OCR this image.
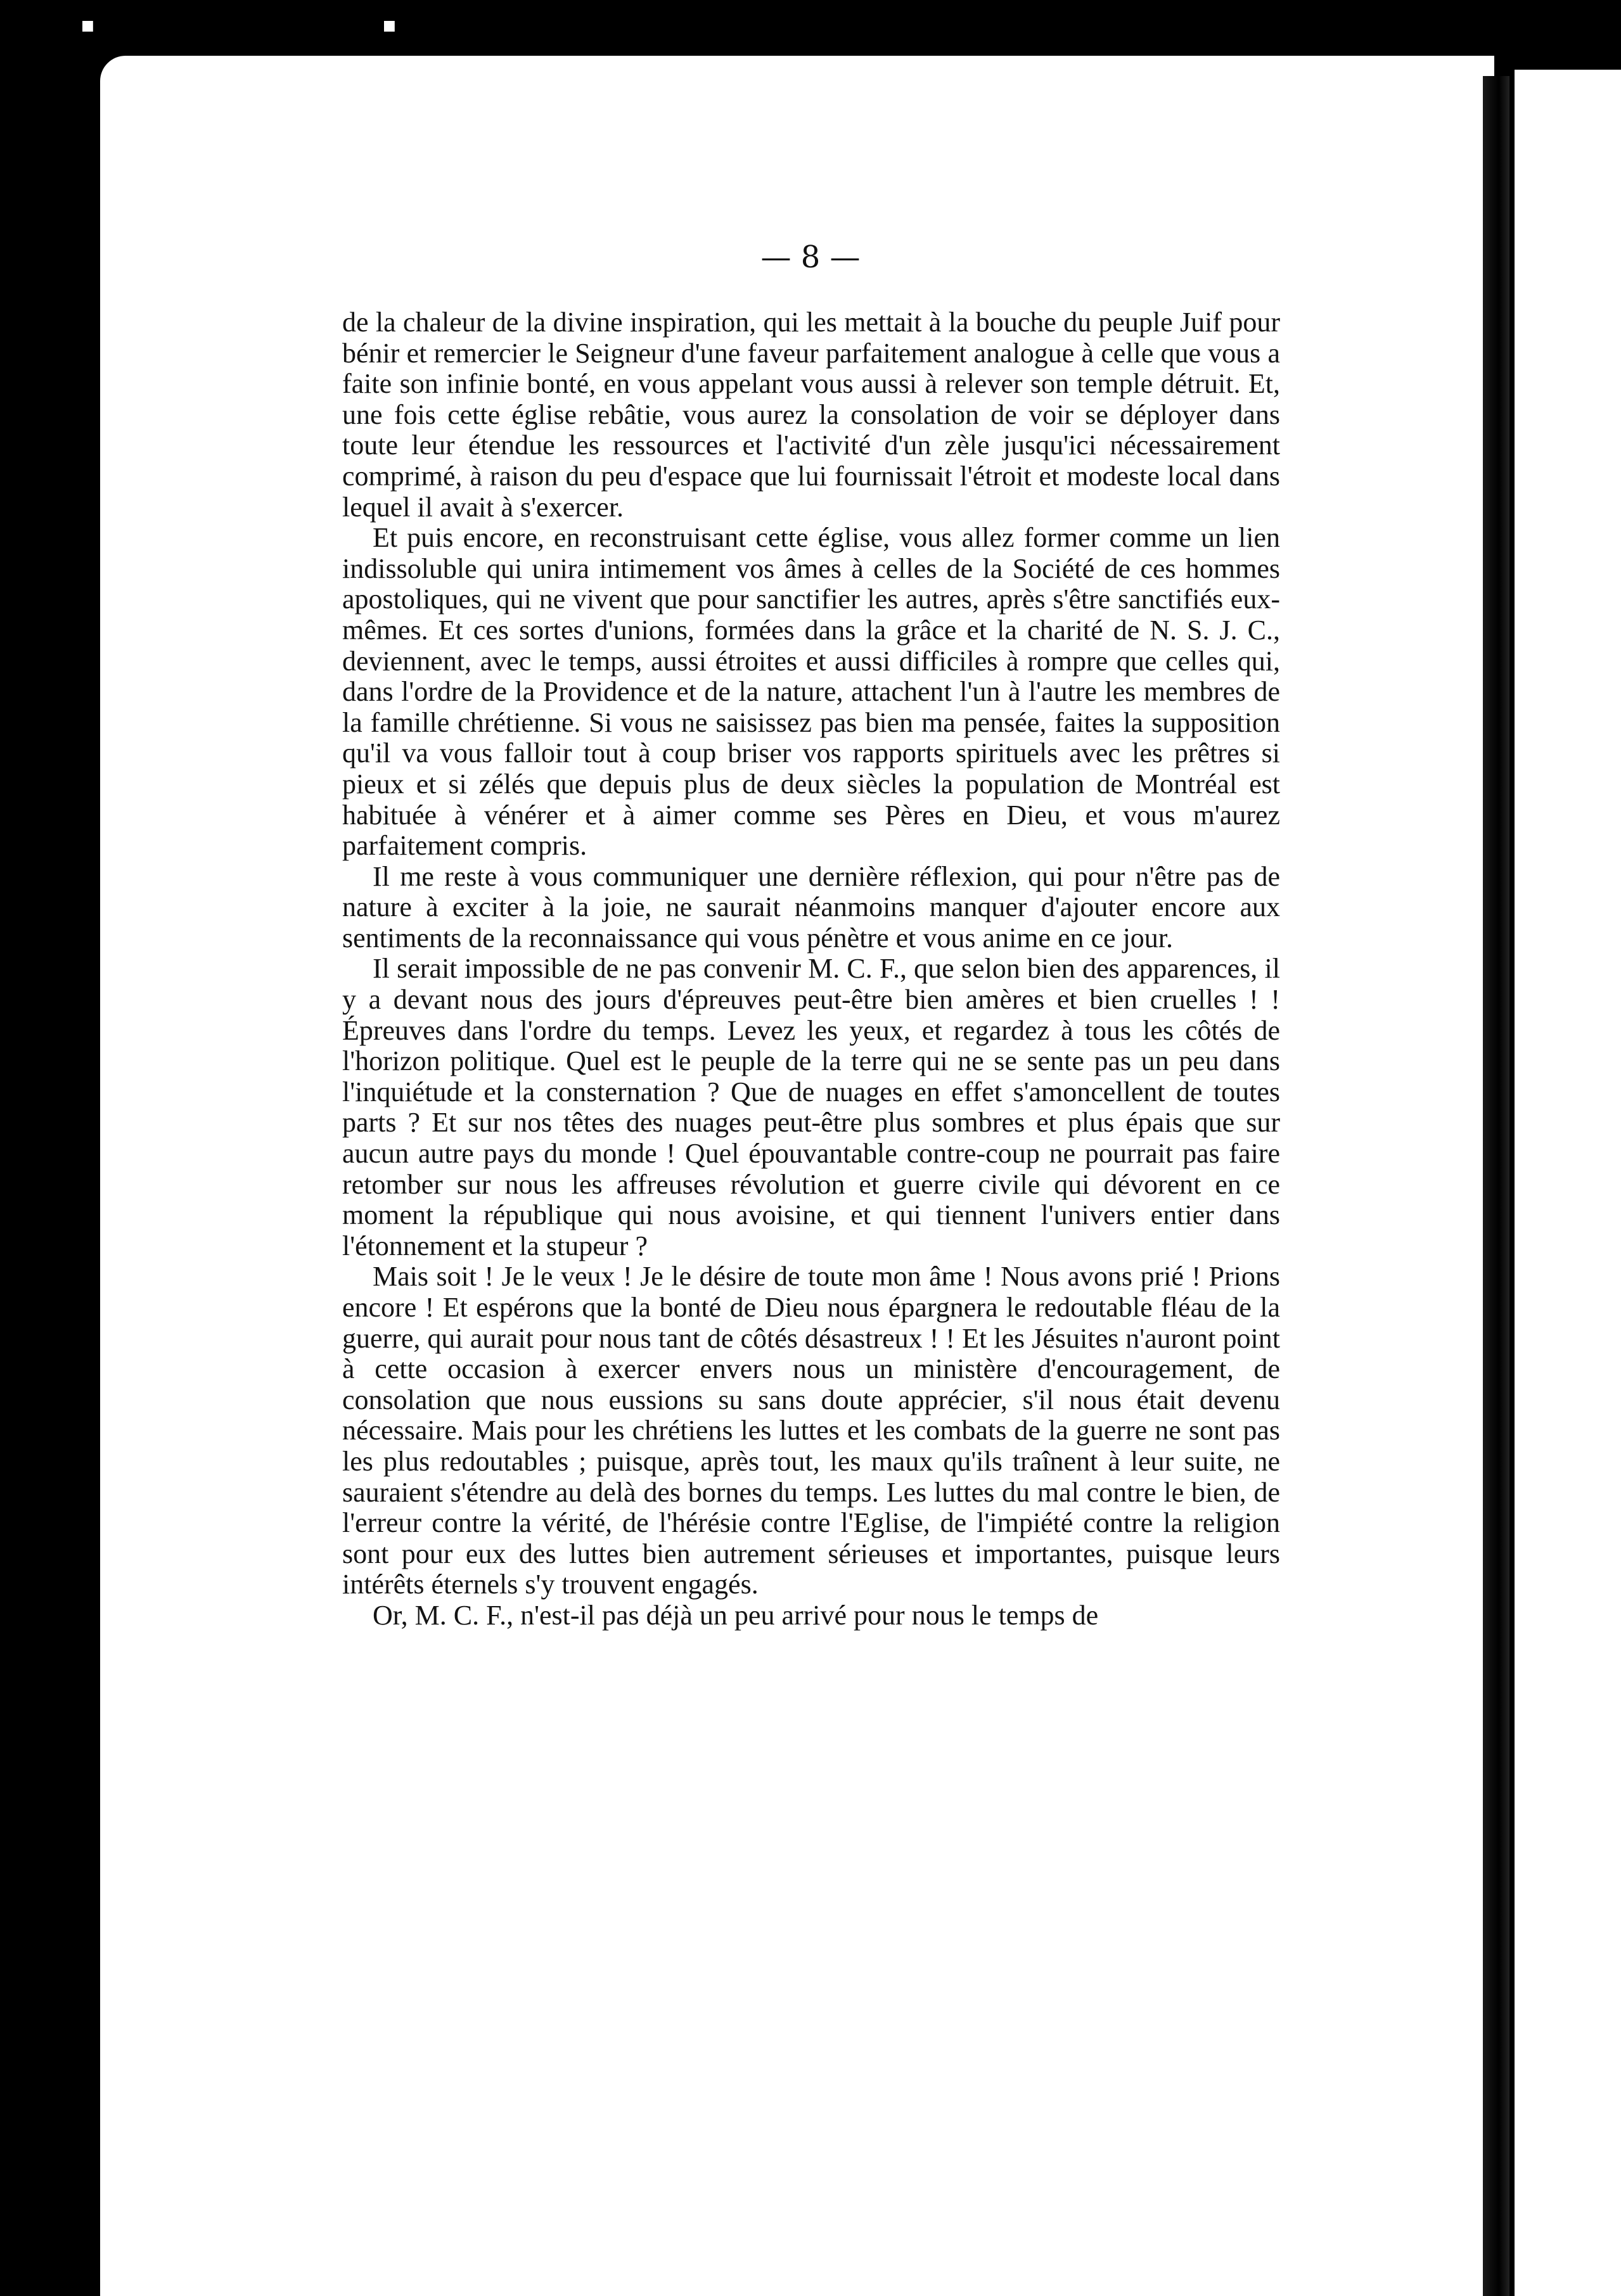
■	■
— 8 —

de la chaleur de la divine inspiration, qui les mettait à la bouche du peuple Juif pour bénir et remercier le Seigneur d'une faveur parfaitement analogue à celle que vous a faite son infinie bonté, en vous appelant vous aussi à relever son temple détruit. Et, une fois cette église rebâtie, vous aurez la consolation de voir se déployer dans toute leur étendue les ressources et l'activité d'un zèle jusqu'ici nécessairement comprimé, à raison du peu d'espace que lui fournissait l'étroit et modeste local dans lequel il avait à s'exercer.

Et puis encore, en reconstruisant cette église, vous allez former comme un lien indissoluble qui unira intimement vos âmes à celles de la Société de ces hommes apostoliques, qui ne vivent que pour sanctifier les autres, après s'être sanctifiés eux-mêmes. Et ces sortes d'unions, formées dans la grâce et la charité de N. S. J. C., deviennent, avec le temps, aussi étroites et aussi difficiles à rompre que celles qui, dans l'ordre de la Providence et de la nature, attachent l'un à l'autre les membres de la famille chrétienne. Si vous ne saisissez pas bien ma pensée, faites la supposition qu'il va vous falloir tout à coup briser vos rapports spirituels avec les prêtres si pieux et si zélés que depuis plus de deux siècles la population de Montréal est habituée à vénérer et à aimer comme ses Pères en Dieu, et vous m'aurez parfaitement compris.

Il me reste à vous communiquer une dernière réflexion, qui pour n'être pas de nature à exciter à la joie, ne saurait néanmoins manquer d'ajouter encore aux sentiments de la reconnaissance qui vous pénètre et vous anime en ce jour.

Il serait impossible de ne pas convenir M. C. F., que selon bien des apparences, il y a devant nous des jours d'épreuves peut-être bien amères et bien cruelles ! ! Épreuves dans l'ordre du temps. Levez les yeux, et regardez à tous les côtés de l'horizon politique. Quel est le peuple de la terre qui ne se sente pas un peu dans l'inquiétude et la consternation ? Que de nuages en effet s'amoncellent de toutes parts ? Et sur nos têtes des nuages peut-être plus sombres et plus épais que sur aucun autre pays du monde ! Quel épouvantable contre-coup ne pourrait pas faire retomber sur nous les affreuses révolution et guerre civile qui dévorent en ce moment la république qui nous avoisine, et qui tiennent l'univers entier dans l'étonnement et la stupeur ?

Mais soit ! Je le veux ! Je le désire de toute mon âme ! Nous avons prié ! Prions encore ! Et espérons que la bonté de Dieu nous épargnera le redoutable fléau de la guerre, qui aurait pour nous tant de côtés désastreux ! ! Et les Jésuites n'auront point à cette occasion à exercer envers nous un ministère d'encouragement, de consolation que nous eussions su sans doute apprécier, s'il nous était devenu nécessaire. Mais pour les chrétiens les luttes et les combats de la guerre ne sont pas les plus redoutables ; puisque, après tout, les maux qu'ils traînent à leur suite, ne sauraient s'étendre au delà des bornes du temps. Les luttes du mal contre le bien, de l'erreur contre la vérité, de l'hérésie contre l'Eglise, de l'impiété contre la religion sont pour eux des luttes bien autrement sérieuses et importantes, puisque leurs intérêts éternels s'y trouvent engagés.

Or, M. C. F., n'est-il pas déjà un peu arrivé pour nous le temps de
